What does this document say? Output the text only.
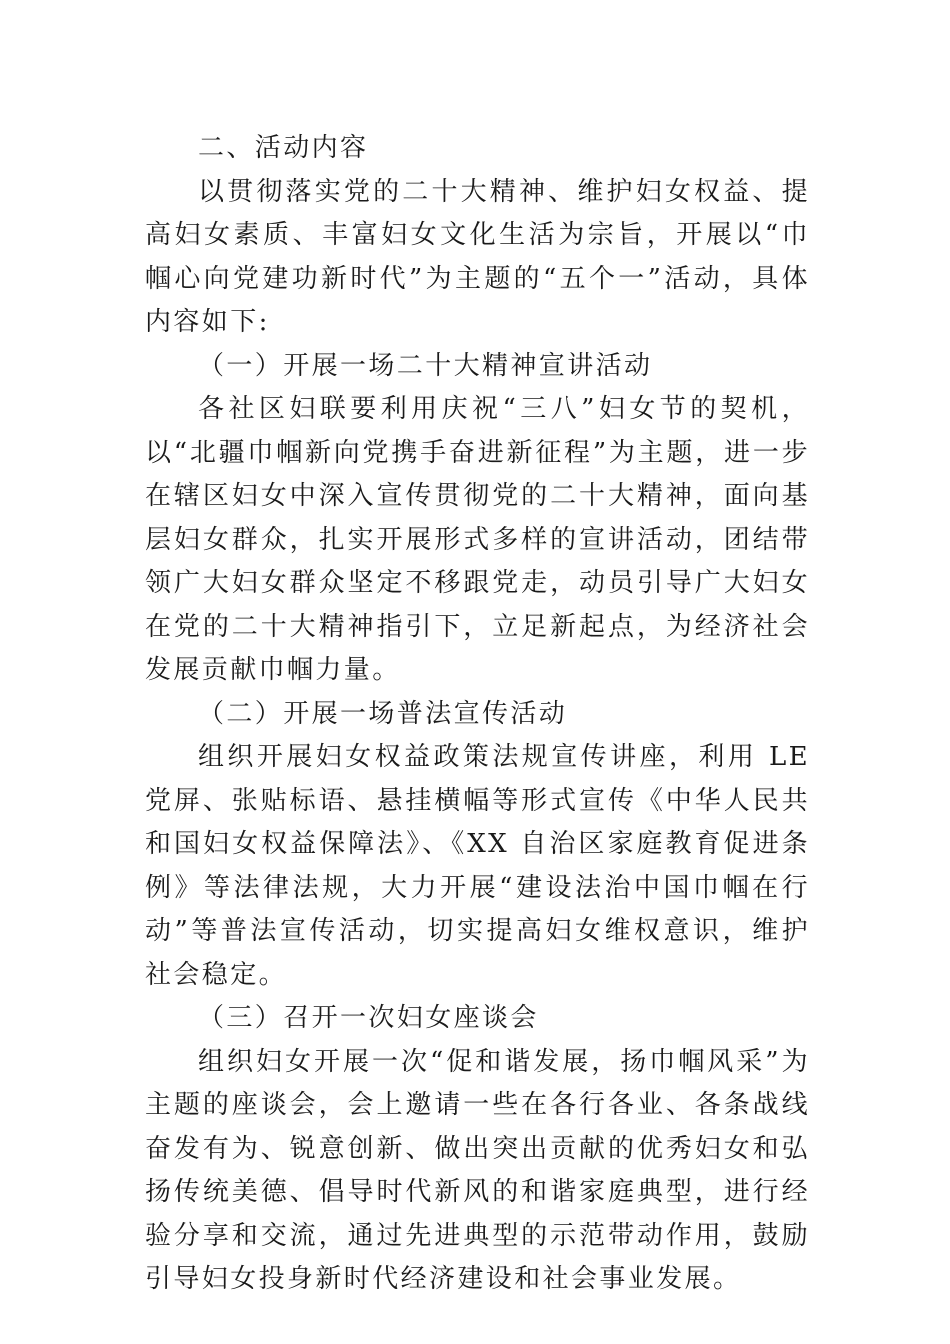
二、活动内容

以贯彻落实党的二十大精神、维护妇女权益、提高妇女素质、丰富妇女文化生活为宗旨，开展以“巾帼心向党建功新时代”为主题的“五个一”活动，具体内容如下:

（一）开展一场二十大精神宣讲活动

各社区妇联要利用庆祝“三八”妇女节的契机，以“北疆巾帼新向党携手奋进新征程”为主题，进一步在辖区妇女中深入宣传贯彻党的二十大精神，面向基层妇女群众，扎实开展形式多样的宣讲活动，团结带领广大妇女群众坚定不移跟党走，动员引导广大妇女在党的二十大精神指引下，立足新起点，为经济社会发展贡献巾帼力量。

（二）开展一场普法宣传活动

组织开展妇女权益政策法规宣传讲座，利用 LE 党屏、张贴标语、悬挂横幅等形式宣传《中华人民共和国妇女权益保障法》、《XX 自治区家庭教育促进条例》等法律法规，大力开展“建设法治中国巾帼在行动”等普法宣传活动，切实提高妇女维权意识，维护社会稳定。

（三）召开一次妇女座谈会

组织妇女开展一次“促和谐发展，扬巾帼风采”为主题的座谈会，会上邀请一些在各行各业、各条战线奋发有为、锐意创新、做出突出贡献的优秀妇女和弘扬传统美德、倡导时代新风的和谐家庭典型，进行经验分享和交流，通过先进典型的示范带动作用，鼓励引导妇女投身新时代经济建设和社会事业发展。
